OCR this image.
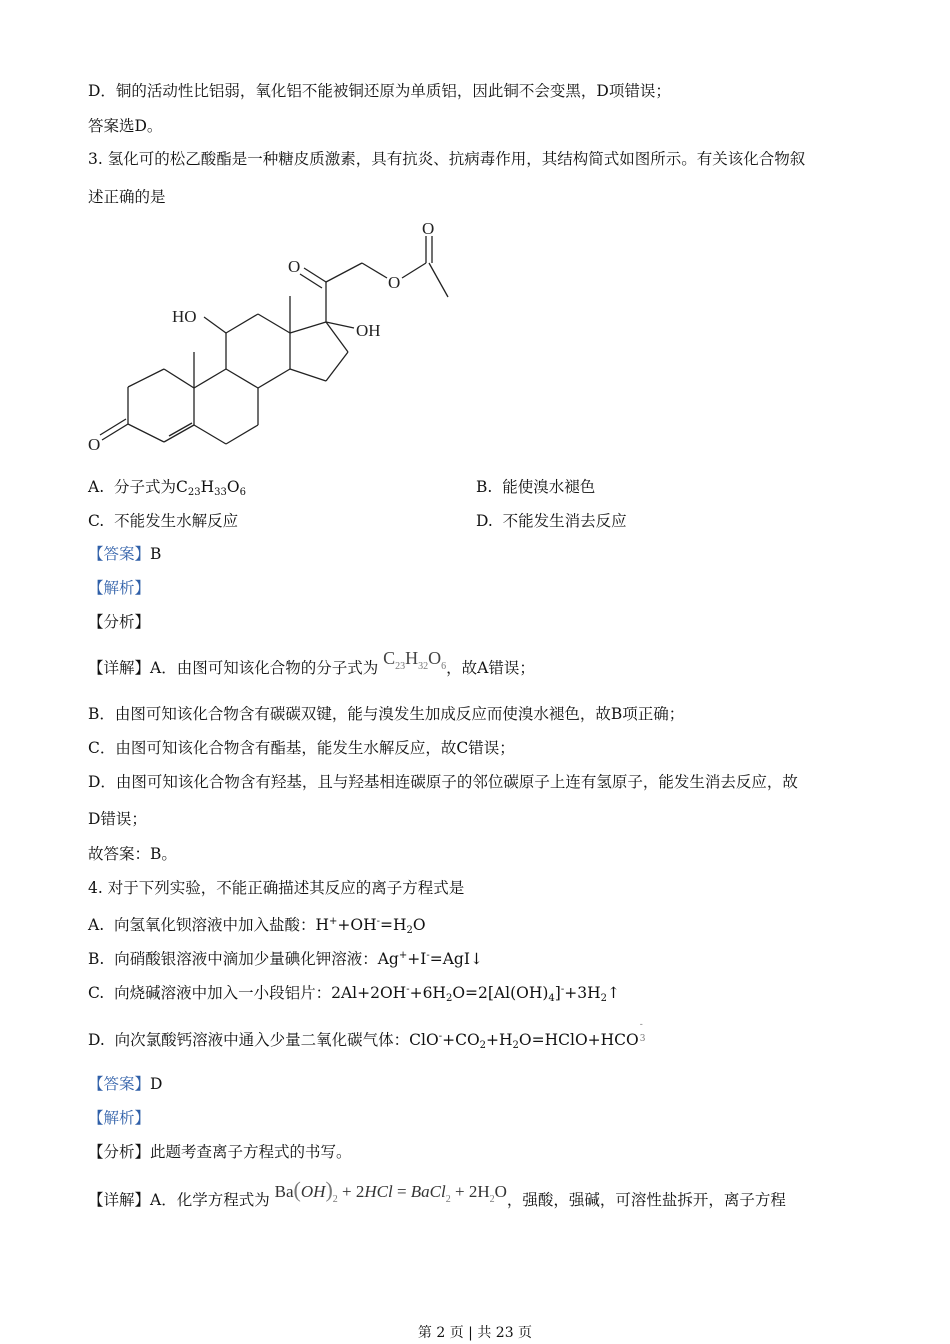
D．铜的活动性比铝弱，氧化铝不能被铜还原为单质铝，因此铜不会变黑，D项错误；
答案选D。
3. 氢化可的松乙酸酯是一种糖皮质激素，具有抗炎、抗病毒作用，其结构简式如图所示。有关该化合物叙
述正确的是
O
HO
OH
O
O
O
A. 分子式为$C_{23}H_{33}O_6$	B. 能使溴水褪色
C. 不能发生水解反应	D. 不能发生消去反应
【答案】B
【解析】
【分析】
【详解】A．由图可知该化合物的分子式为 $C_{23}H_{32}O_6$，故A错误；
B．由图可知该化合物含有碳碳双键，能与溴发生加成反应而使溴水褪色，故B项正确；
C．由图可知该化合物含有酯基，能发生水解反应，故C错误；
D．由图可知该化合物含有羟基，且与羟基相连碳原子的邻位碳原子上连有氢原子，能发生消去反应，故
D错误；
故答案：B。
4. 对于下列实验，不能正确描述其反应的离子方程式是
A. 向氢氧化钡溶液中加入盐酸：$H^++OH^-=H_2O$
B. 向硝酸银溶液中滴加少量碘化钾溶液：Ag++I-=AgI↓
C. 向烧碱溶液中加入一小段铝片：$2Al+2OH^-+6H_2O=2[Al(OH)_4]^-+3H_2↑$
D. 向次氯酸钙溶液中通入少量二氧化碳气体：$ClO^-+CO_2+H_2O=HClO+HCO$
-
3
【答案】D
【解析】
【分析】此题考查离子方程式的书写。
【详解】A．化学方程式为 $Ba(OH)_2 + 2HCl$ = BaCl$_2$ + $2H_2O$，强酸，强碱，可溶性盐拆开，离子方程
第 2 页 | 共 23 页
